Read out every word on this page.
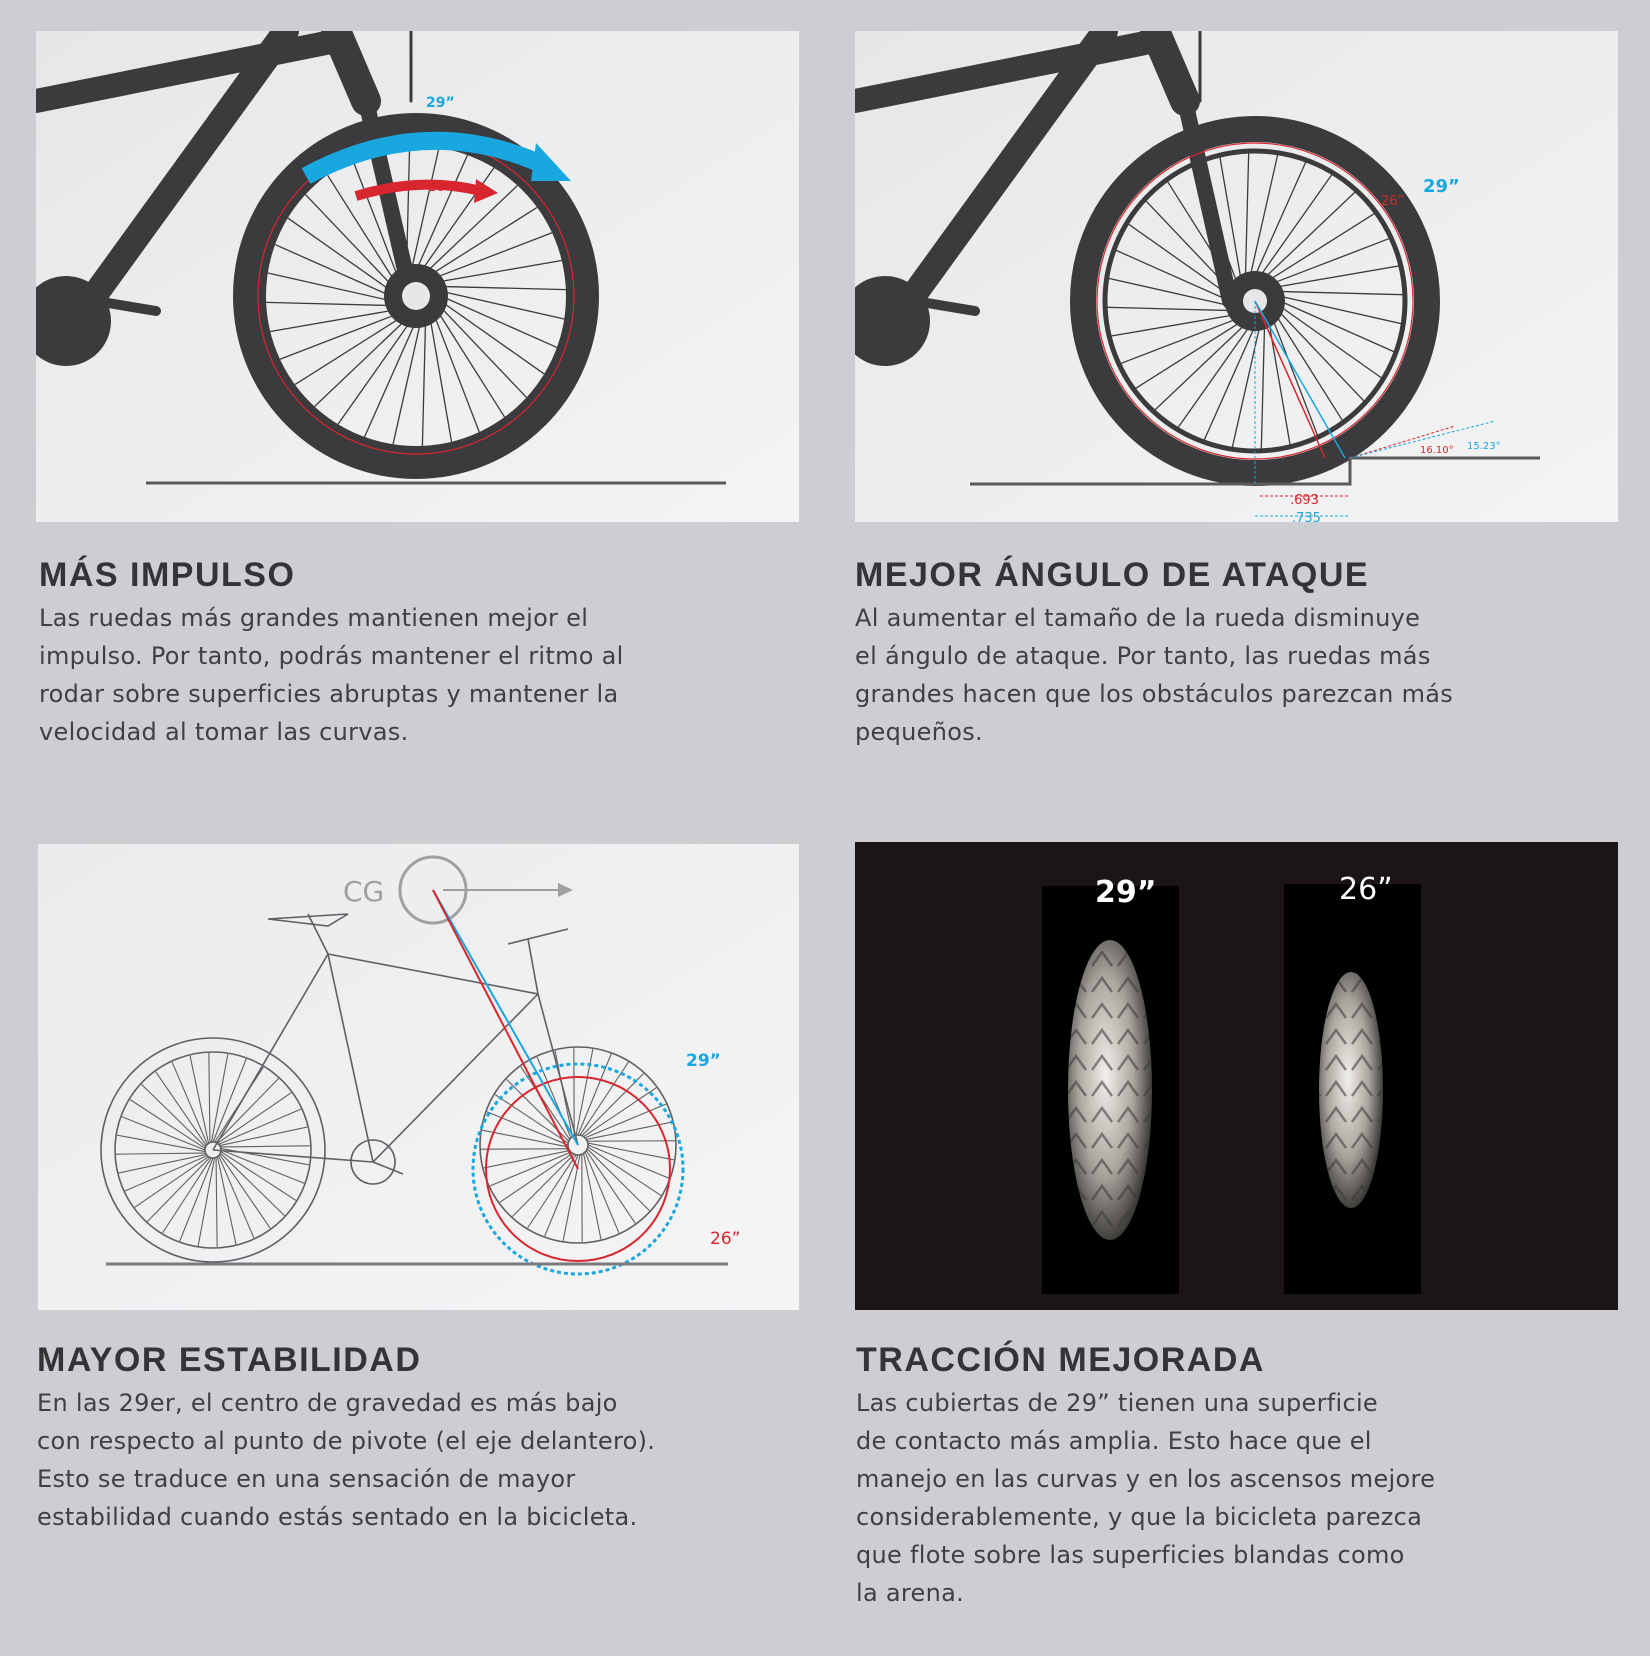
29”
26”	29”
26”
16.10° 15.23°
.693
.735
CG
29”
26”
29”	26”
MÁS IMPULSO

Las ruedas más grandes mantienen mejor el
impulso. Por tanto, podrás mantener el ritmo al
rodar sobre superficies abruptas y mantener la
velocidad al tomar las curvas.

MEJOR ÁNGULO DE ATAQUE

Al aumentar el tamaño de la rueda disminuye
el ángulo de ataque. Por tanto, las ruedas más
grandes hacen que los obstáculos parezcan más
pequeños.

MAYOR ESTABILIDAD

En las 29er, el centro de gravedad es más bajo
con respecto al punto de pivote (el eje delantero).
Esto se traduce en una sensación de mayor
estabilidad cuando estás sentado en la bicicleta.

TRACCIÓN MEJORADA

Las cubiertas de 29” tienen una superficie
de contacto más amplia. Esto hace que el
manejo en las curvas y en los ascensos mejore
considerablemente, y que la bicicleta parezca
que flote sobre las superficies blandas como
la arena.
